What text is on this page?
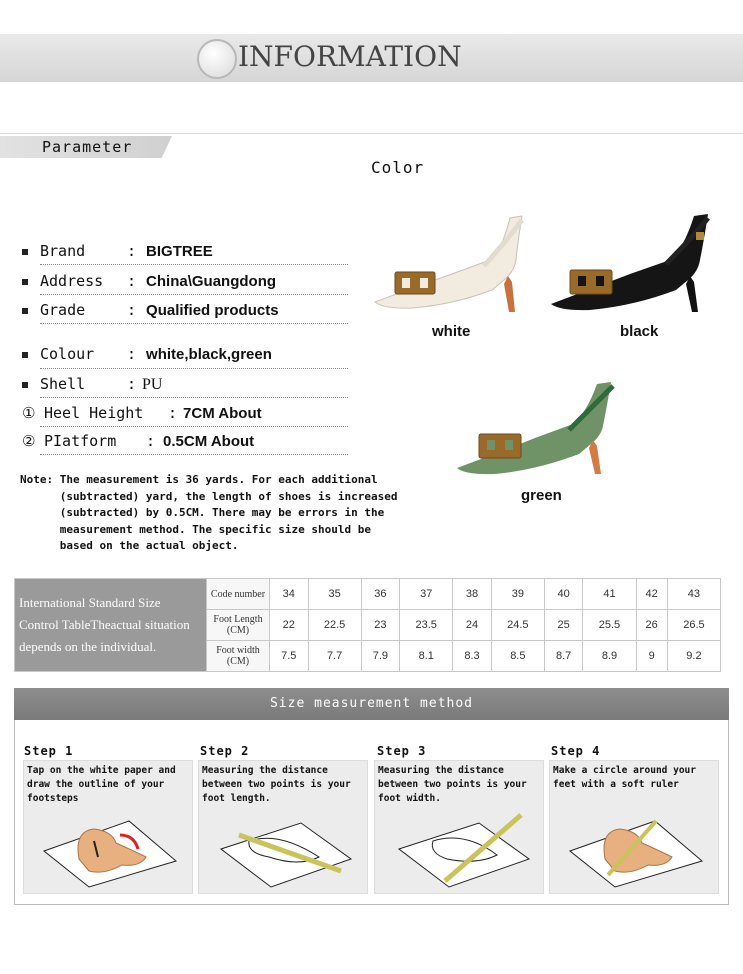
INFORMATION
Parameter
Color
Brand	: BIGTREE
Address : China\Guangdong
Grade	: Qualified products
Colour : white,black,green
Shell	: PU
① Heel Height : 7CM About
② PIatform : 0.5CM About
Note: The measurement is 36 yards. For each additional
(subtracted) yard, the length of shoes is increased
(subtracted) by 0.5CM. There may be errors in the
measurement method. The specific size should be
based on the actual object.
white	black
green
International Standard Size Control TableTheactual situation depends on the individual.	Code number	34	35	36	37	38	39	40	41	42	43
	Foot Length (CM)	22	22.5	23	23.5	24	24.5	25	25.5	26	26.5
	Foot width (CM)	7.5	7.7	7.9	8.1	8.3	8.5	8.7	8.9	9	9.2
Size measurement method
Step 1	Step 2	Step 3	Step 4
Tap on the white paper and draw the outline of your footsteps
Measuring the distance between two points is your foot length.
Measuring the distance between two points is your foot width.
Make a circle around your feet with a soft ruler
